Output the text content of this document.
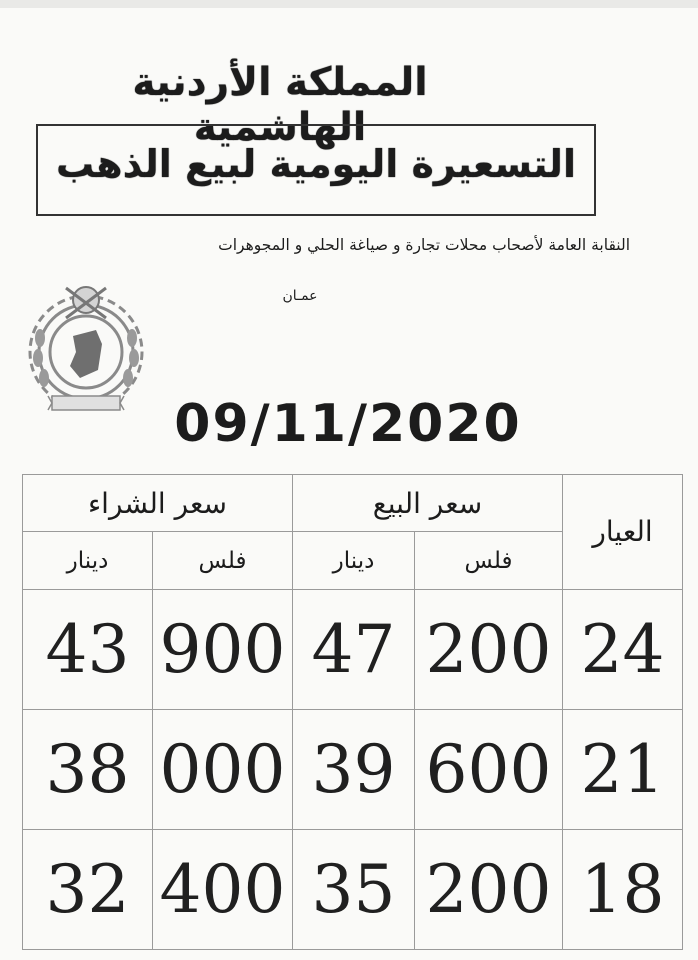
المملكة الأردنية الهاشمية
التسعيرة اليومية لبيع الذهب
النقابة العامة لأصحاب محلات تجارة و صياغة الحلي و المجوهرات
عمـان
09/11/2020
العيار	سعر البيع		سعر الشراء	
	فلس	دينار	فلس	دينار
24	200	47	900	43
21	600	39	000	38
18	200	35	400	32
